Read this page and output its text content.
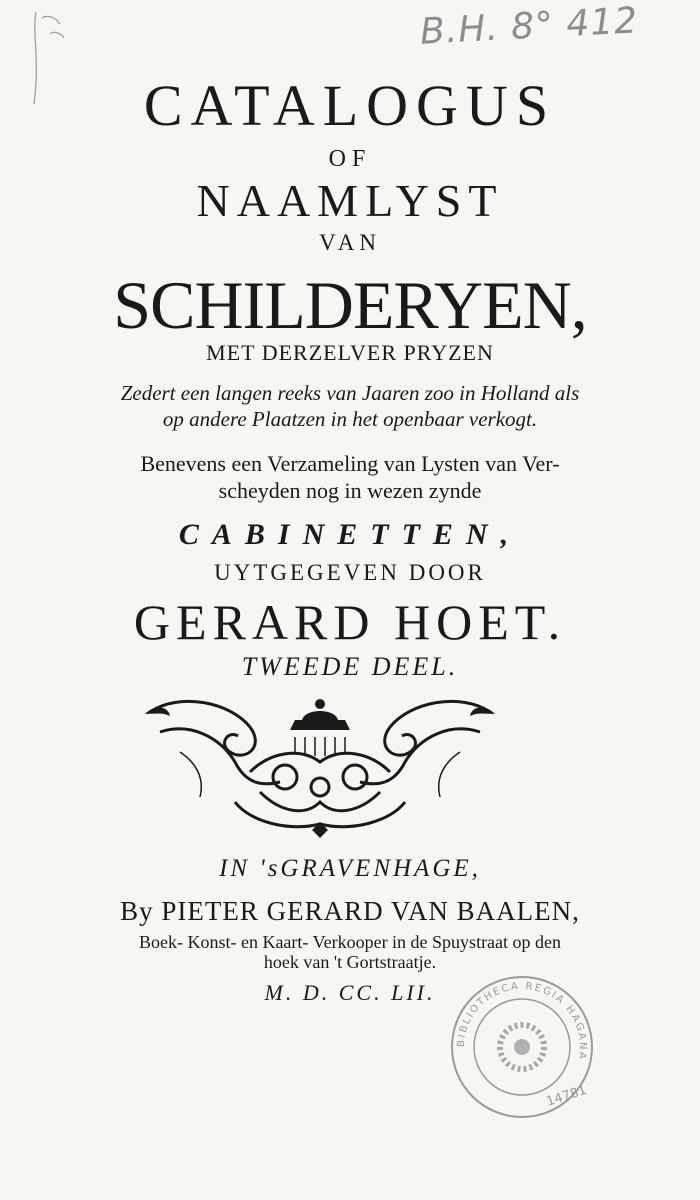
B.H. 8° 412
CATALOGUS
OF
NAAMLYST
VAN
SCHILDERYEN,
MET DERZELVER PRYZEN
Zedert een langen reeks van Jaaren zoo in Holland als
op andere Plaatzen in het openbaar verkogt.
Benevens een Verzameling van Lysten van Ver-
scheyden nog in wezen zynde
CABINETTEN,
UYTGEGEVEN DOOR
GERARD HOET.
TWEEDE DEEL.
IN 'sGRAVENHAGE,
By PIETER GERARD VAN BAALEN,
Boek- Konst- en Kaart- Verkooper in de Spuystraat op den
hoek van 't Gortstraatje.
M. D. CC. LII.
BIBLIOTHECA REGIA HAGANA
14781
